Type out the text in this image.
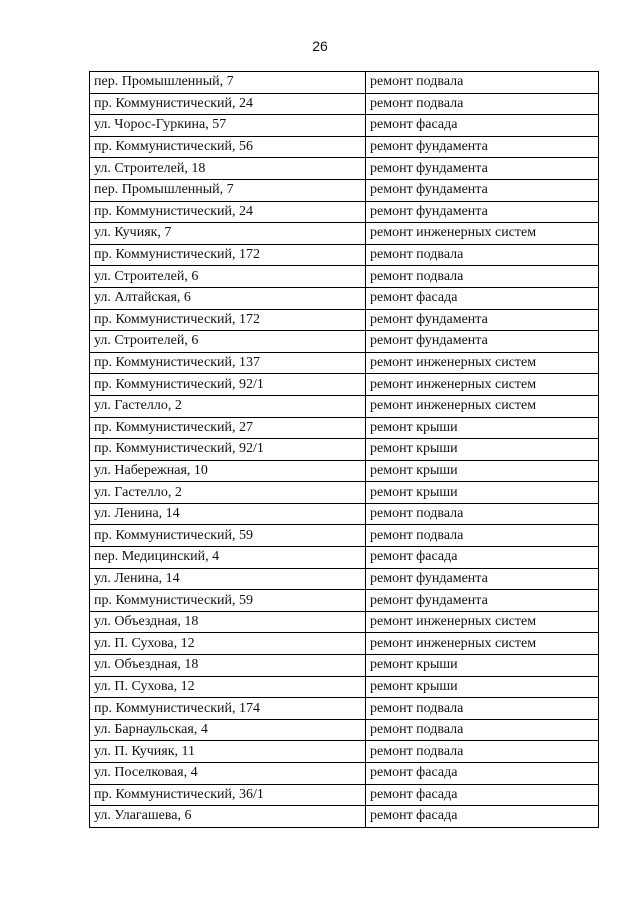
26
пер. Промышленный, 7	ремонт подвала
пр. Коммунистический, 24	ремонт подвала
ул. Чорос-Гуркина, 57	ремонт фасада
пр. Коммунистический, 56	ремонт фундамента
ул. Строителей, 18	ремонт фундамента
пер. Промышленный, 7	ремонт фундамента
пр. Коммунистический, 24	ремонт фундамента
ул. Кучияк, 7	ремонт инженерных систем
пр. Коммунистический, 172	ремонт подвала
ул. Строителей, 6	ремонт подвала
ул. Алтайская, 6	ремонт фасада
пр. Коммунистический, 172	ремонт фундамента
ул. Строителей, 6	ремонт фундамента
пр. Коммунистический, 137	ремонт инженерных систем
пр. Коммунистический, 92/1	ремонт инженерных систем
ул. Гастелло, 2	ремонт инженерных систем
пр. Коммунистический, 27	ремонт крыши
пр. Коммунистический, 92/1	ремонт крыши
ул. Набережная, 10	ремонт крыши
ул. Гастелло, 2	ремонт крыши
ул. Ленина, 14	ремонт подвала
пр. Коммунистический, 59	ремонт подвала
пер. Медицинский, 4	ремонт фасада
ул. Ленина, 14	ремонт фундамента
пр. Коммунистический, 59	ремонт фундамента
ул. Объездная, 18	ремонт инженерных систем
ул. П. Сухова, 12	ремонт инженерных систем
ул. Объездная, 18	ремонт крыши
ул. П. Сухова, 12	ремонт крыши
пр. Коммунистический, 174	ремонт подвала
ул. Барнаульская, 4	ремонт подвала
ул. П. Кучияк, 11	ремонт подвала
ул. Поселковая, 4	ремонт фасада
пр. Коммунистический, 36/1	ремонт фасада
ул. Улагашева, 6	ремонт фасада
